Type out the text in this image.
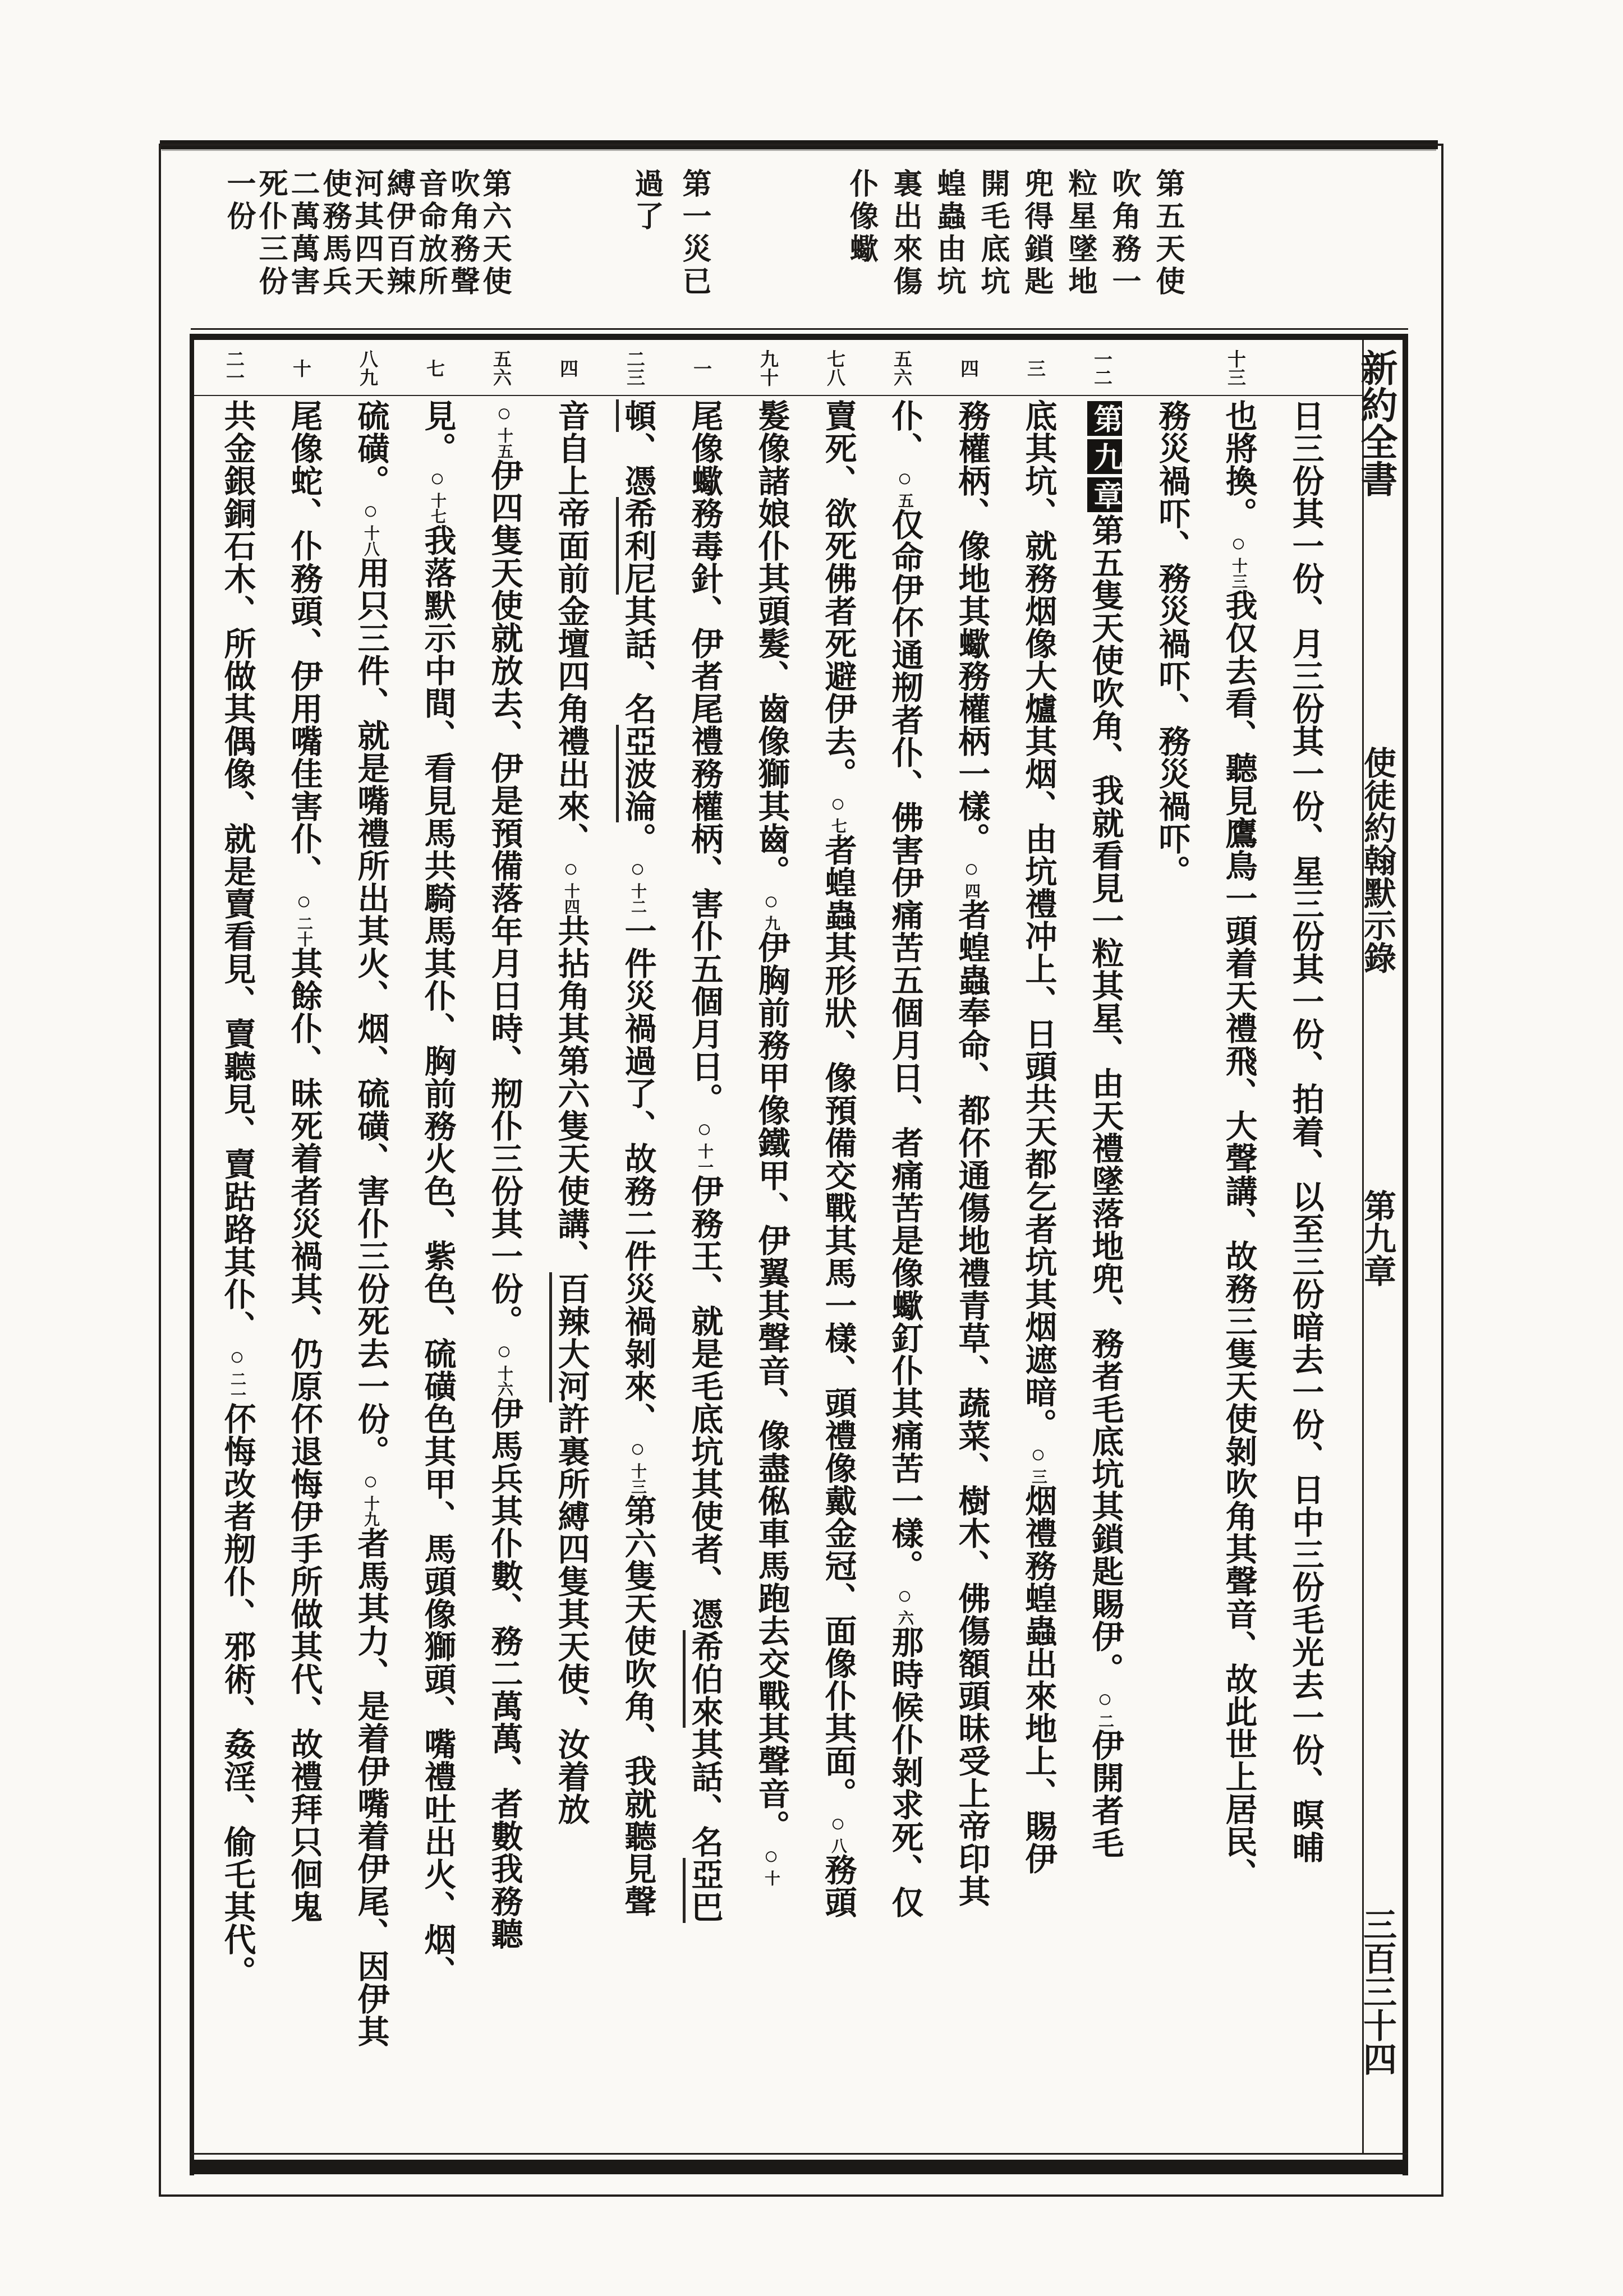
第五天使
吹角務一
粒星墜地
兜得鎖匙
開毛底坑
蝗蟲由坑
裏出來傷
仆像蠍
第一災已
過了
第六天使
吹角務聲
音命放所
縛伊百辣
河其四天
使務馬兵
二萬萬害
死仆三份
一份
十三
一二
三
四
五六
七八
九十
一
二三
四
五六
七
八九
十
二一	新約全書
使徒約翰默示錄
第九章
三百三十四
日三份其一份、月三份其一份、星三份其一份、拍着、以至三份暗去一份、日中三份毛光去一份、暝晡
也將換。○十三我仅去看、聽見鷹鳥一頭着天禮飛、大聲講、故務三隻天使剝吹角其聲音、故此世上居民、
務災禍吓、務災禍吓、務災禍吓。
第九章第五隻天使吹角、我就看見一粒其星、由天禮墜落地兜、務者毛底坑其鎖匙賜伊。○二伊開者毛
底其坑、就務烟像大爐其烟、由坑禮冲上、日頭共天都乞者坑其烟遮暗。○三烟禮務蝗蟲出來地上、賜伊
務權柄、像地其蠍務權柄一樣。○四者蝗蟲奉命、都伓通傷地禮青草、蔬菜、樹木、佛傷額頭昧受上帝印其
仆、○五仅命伊伓通剏者仆、佛害伊痛苦五個月日、者痛苦是像蠍釘仆其痛苦一樣。○六那時候仆剝求死、仅
賣死、欲死佛者死避伊去。○七者蝗蟲其形狀、像預備交戰其馬一樣、頭禮像戴金冠、面像仆其面。○八務頭
髮像諸娘仆其頭髮、齒像獅其齒。○九伊胸前務甲像鐵甲、伊翼其聲音、像盡俬車馬跑去交戰其聲音。○十
尾像蠍務毒針、伊者尾禮務權柄、害仆五個月日。○十一伊務王、就是毛底坑其使者、憑希伯來其話、名亞巴
頓、憑希利尼其話、名亞波淪。○十二一件災禍過了、故務二件災禍剝來、○十三第六隻天使吹角、我就聽見聲
音自上帝面前金壇四角禮出來、○十四共拈角其第六隻天使講、百辣大河許裏所縛四隻其天使、汝着放
○十五伊四隻天使就放去、伊是預備落年月日時、剏仆三份其一份。○十六伊馬兵其仆數、務二萬萬、者數我務聽
見。○十七我落默示中間、看見馬共騎馬其仆、胸前務火色、紫色、硫磺色其甲、馬頭像獅頭、嘴禮吐出火、烟、
硫磺。○十八用只三件、就是嘴禮所出其火、烟、硫磺、害仆三份死去一份。○十九者馬其力、是着伊嘴着伊尾、因伊其
尾像蛇、仆務頭、伊用嘴佳害仆、○二十其餘仆、昧死着者災禍其、仍原伓退悔伊手所做其代、故禮拜只佪鬼
共金銀銅石木、所做其偶像、就是賣看見、賣聽見、賣跍路其仆、○二一伓悔改者剏仆、邪術、姦淫、偷乇其代。
